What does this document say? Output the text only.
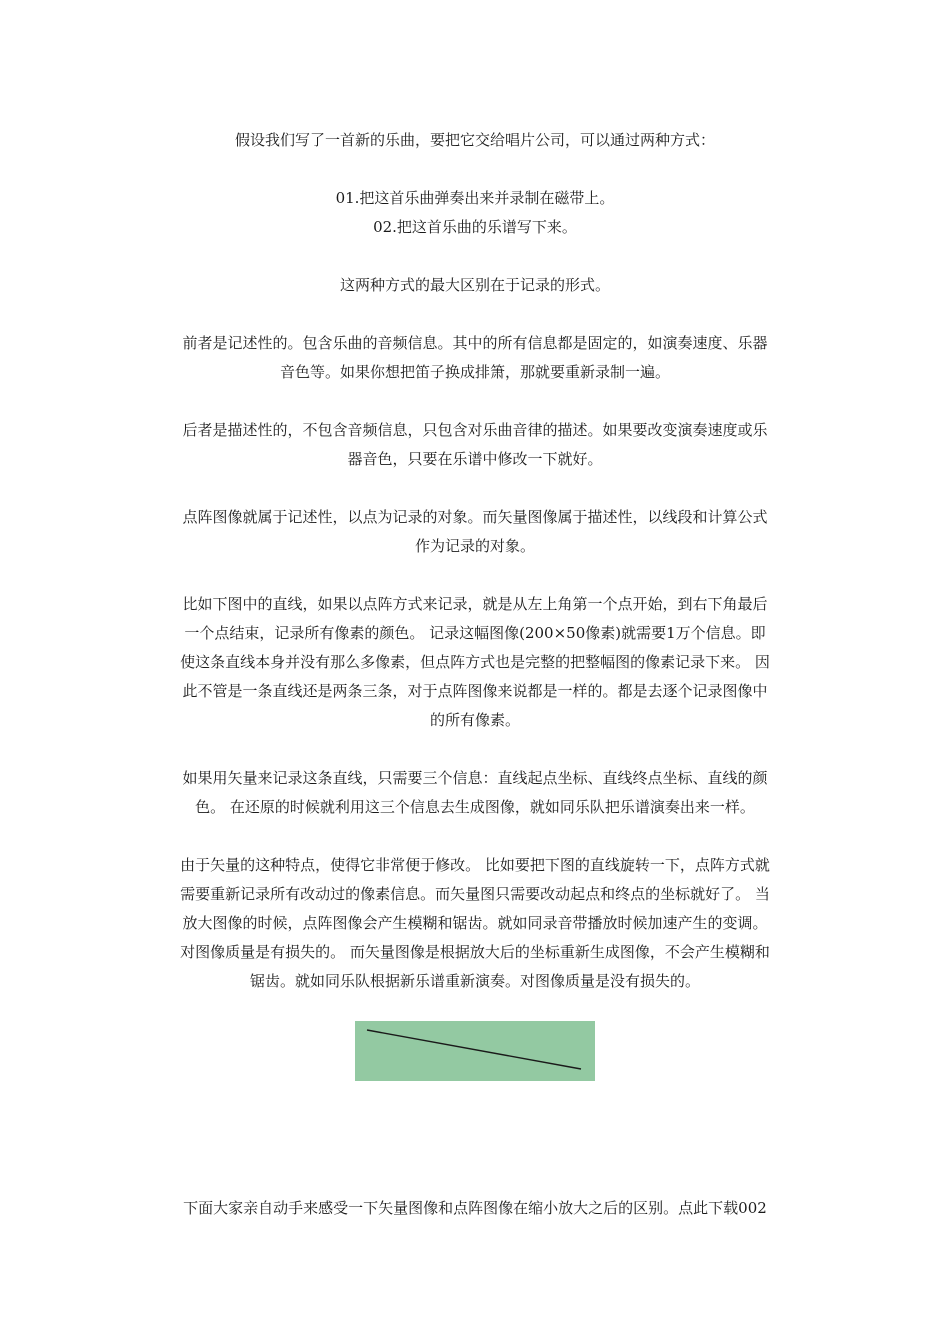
假设我们写了一首新的乐曲，要把它交给唱片公司，可以通过两种方式：

01.把这首乐曲弹奏出来并录制在磁带上。

02.把这首乐曲的乐谱写下来。

这两种方式的最大区别在于记录的形式。

前者是记述性的。包含乐曲的音频信息。其中的所有信息都是固定的，如演奏速度、乐器

音色等。如果你想把笛子换成排箫，那就要重新录制一遍。

后者是描述性的，不包含音频信息，只包含对乐曲音律的描述。如果要改变演奏速度或乐

器音色，只要在乐谱中修改一下就好。

点阵图像就属于记述性，以点为记录的对象。而矢量图像属于描述性，以线段和计算公式

作为记录的对象。

比如下图中的直线，如果以点阵方式来记录，就是从左上角第一个点开始，到右下角最后

一个点结束，记录所有像素的颜色。 记录这幅图像(200×50像素)就需要1万个信息。即

使这条直线本身并没有那么多像素，但点阵方式也是完整的把整幅图的像素记录下来。 因

此不管是一条直线还是两条三条，对于点阵图像来说都是一样的。都是去逐个记录图像中

的所有像素。

如果用矢量来记录这条直线，只需要三个信息：直线起点坐标、直线终点坐标、直线的颜

色。 在还原的时候就利用这三个信息去生成图像，就如同乐队把乐谱演奏出来一样。

由于矢量的这种特点，使得它非常便于修改。 比如要把下图的直线旋转一下，点阵方式就

需要重新记录所有改动过的像素信息。而矢量图只需要改动起点和终点的坐标就好了。 当

放大图像的时候，点阵图像会产生模糊和锯齿。就如同录音带播放时候加速产生的变调。

对图像质量是有损失的。 而矢量图像是根据放大后的坐标重新生成图像，不会产生模糊和

锯齿。就如同乐队根据新乐谱重新演奏。对图像质量是没有损失的。

下面大家亲自动手来感受一下矢量图像和点阵图像在缩小放大之后的区别。点此下载002
